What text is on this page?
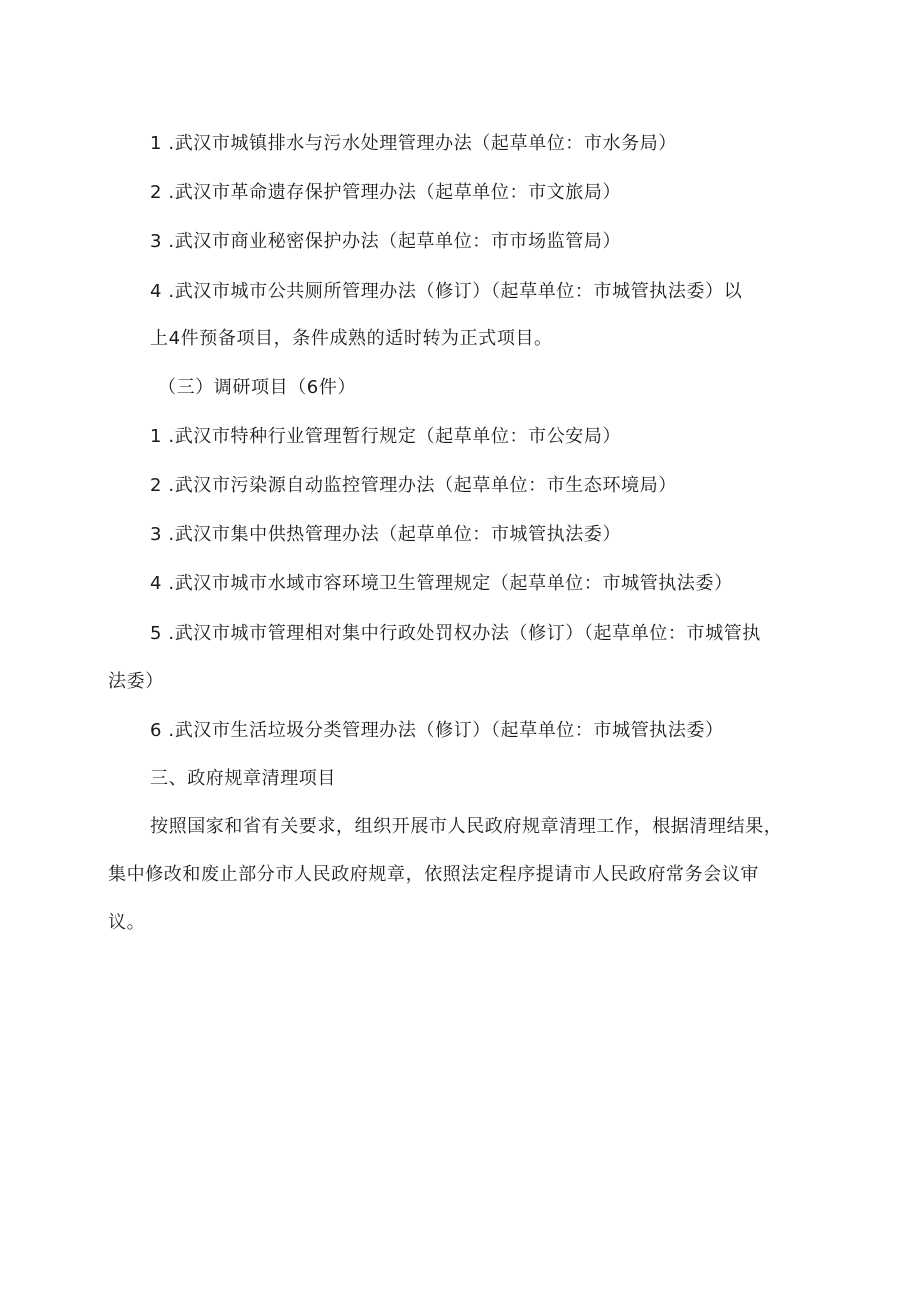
1 .武汉市城镇排水与污水处理管理办法（起草单位：市水务局）
2 .武汉市革命遗存保护管理办法（起草单位：市文旅局）
3 .武汉市商业秘密保护办法（起草单位：市市场监管局）
4 .武汉市城市公共厕所管理办法（修订）（起草单位：市城管执法委）以
上4件预备项目，条件成熟的适时转为正式项目。
（三）调研项目（6件）
1 .武汉市特种行业管理暂行规定（起草单位：市公安局）
2 .武汉市污染源自动监控管理办法（起草单位：市生态环境局）
3 .武汉市集中供热管理办法（起草单位：市城管执法委）
4 .武汉市城市水域市容环境卫生管理规定（起草单位：市城管执法委）
5 .武汉市城市管理相对集中行政处罚权办法（修订）（起草单位：市城管执
法委）
6 .武汉市生活垃圾分类管理办法（修订）（起草单位：市城管执法委）
三、政府规章清理项目
按照国家和省有关要求，组织开展市人民政府规章清理工作，根据清理结果，
集中修改和废止部分市人民政府规章，依照法定程序提请市人民政府常务会议审
议。
